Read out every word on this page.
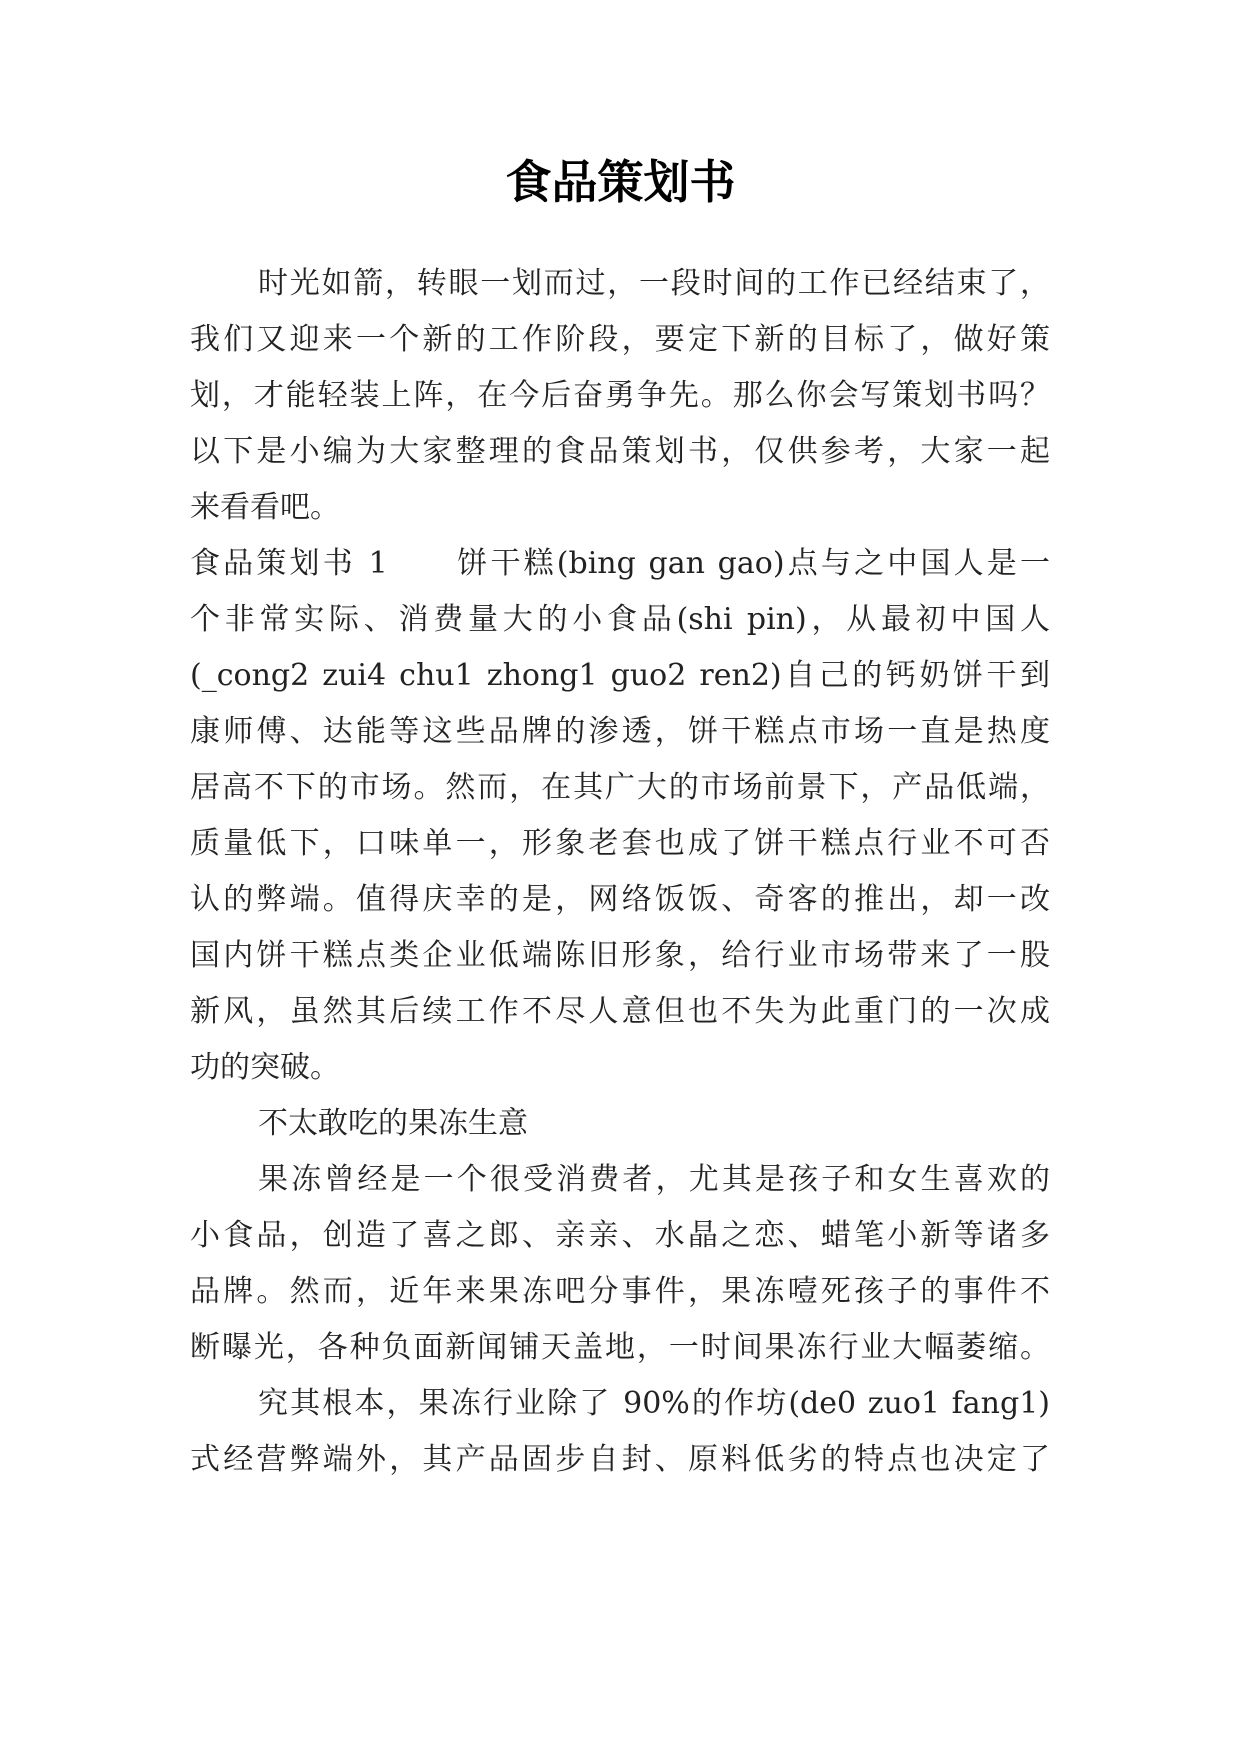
食品策划书
时光如箭，转眼一划而过，一段时间的工作已经结束了，
我们又迎来一个新的工作阶段，要定下新的目标了，做好策
划，才能轻装上阵，在今后奋勇争先。那么你会写策划书吗？
以下是小编为大家整理的食品策划书，仅供参考，大家一起
来看看吧。
食品策划书 1　　饼干糕(bing gan gao)点与之中国人是一
个非常实际、消费量大的小食品(shi pin)，从最初中国人
(_cong2 zui4 chu1 zhong1 guo2 ren2)自己的钙奶饼干到
康师傅、达能等这些品牌的渗透，饼干糕点市场一直是热度
居高不下的市场。然而，在其广大的市场前景下，产品低端，
质量低下，口味单一，形象老套也成了饼干糕点行业不可否
认的弊端。值得庆幸的是，网络饭饭、奇客的推出，却一改
国内饼干糕点类企业低端陈旧形象，给行业市场带来了一股
新风，虽然其后续工作不尽人意但也不失为此重门的一次成
功的突破。
不太敢吃的果冻生意
果冻曾经是一个很受消费者，尤其是孩子和女生喜欢的
小食品，创造了喜之郎、亲亲、水晶之恋、蜡笔小新等诸多
品牌。然而，近年来果冻吧分事件，果冻噎死孩子的事件不
断曝光，各种负面新闻铺天盖地，一时间果冻行业大幅萎缩。
究其根本，果冻行业除了 90%的作坊(de0 zuo1 fang1)
式经营弊端外，其产品固步自封、原料低劣的特点也决定了
